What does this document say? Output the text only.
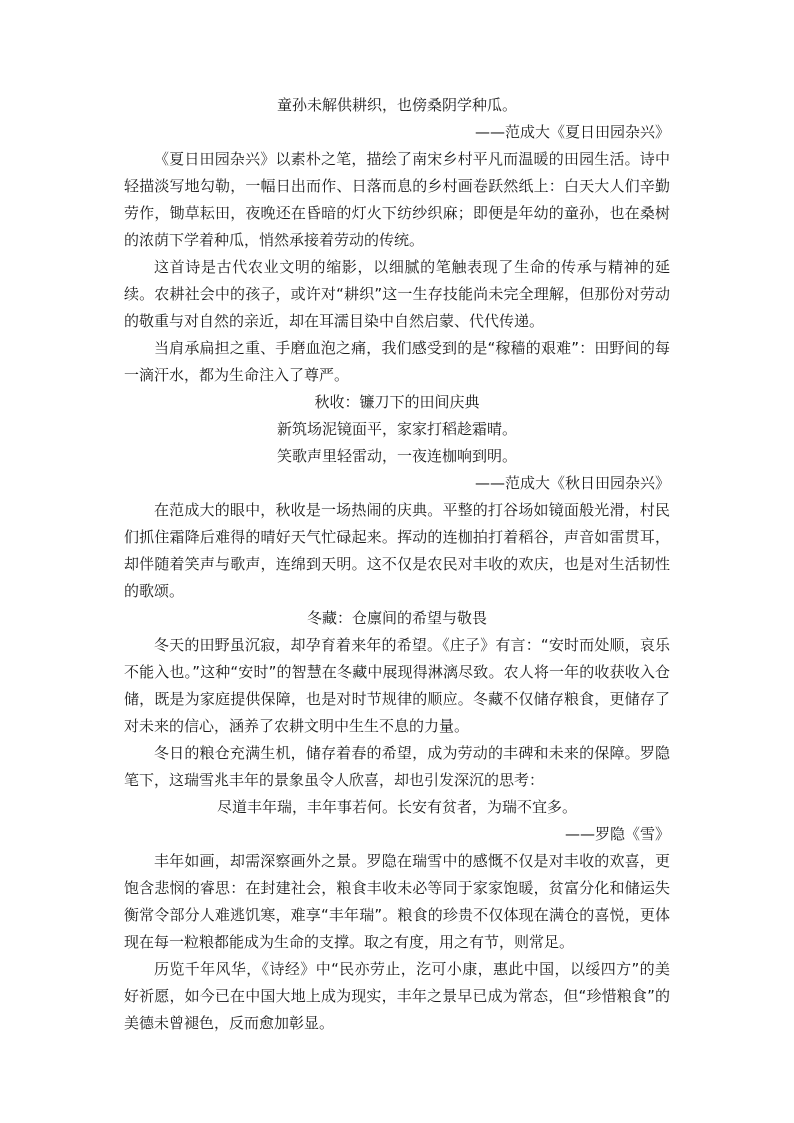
童孙未解供耕织，也傍桑阴学种瓜。
——范成大《夏日田园杂兴》

《夏日田园杂兴》以素朴之笔，描绘了南宋乡村平凡而温暖的田园生活。诗中轻描淡写地勾勒，一幅日出而作、日落而息的乡村画卷跃然纸上：白天大人们辛勤劳作，锄草耘田，夜晚还在昏暗的灯火下纺纱织麻；即便是年幼的童孙，也在桑树的浓荫下学着种瓜，悄然承接着劳动的传统。

这首诗是古代农业文明的缩影，以细腻的笔触表现了生命的传承与精神的延续。农耕社会中的孩子，或许对“耕织”这一生存技能尚未完全理解，但那份对劳动的敬重与对自然的亲近，却在耳濡目染中自然启蒙、代代传递。

当肩承扁担之重、手磨血泡之痛，我们感受到的是“稼穑的艰难”：田野间的每一滴汗水，都为生命注入了尊严。

秋收：镰刀下的田间庆典
新筑场泥镜面平，家家打稻趁霜晴。
笑歌声里轻雷动，一夜连枷响到明。
——范成大《秋日田园杂兴》

在范成大的眼中，秋收是一场热闹的庆典。平整的打谷场如镜面般光滑，村民们抓住霜降后难得的晴好天气忙碌起来。挥动的连枷拍打着稻谷，声音如雷贯耳，却伴随着笑声与歌声，连绵到天明。这不仅是农民对丰收的欢庆，也是对生活韧性的歌颂。

冬藏：仓廪间的希望与敬畏

冬天的田野虽沉寂，却孕育着来年的希望。《庄子》有言：“安时而处顺，哀乐不能入也。”这种“安时”的智慧在冬藏中展现得淋漓尽致。农人将一年的收获收入仓储，既是为家庭提供保障，也是对时节规律的顺应。冬藏不仅储存粮食，更储存了对未来的信心，涵养了农耕文明中生生不息的力量。

冬日的粮仓充满生机，储存着春的希望，成为劳动的丰碑和未来的保障。罗隐笔下，这瑞雪兆丰年的景象虽令人欣喜，却也引发深沉的思考：

尽道丰年瑞，丰年事若何。长安有贫者，为瑞不宜多。
——罗隐《雪》

丰年如画，却需深察画外之景。罗隐在瑞雪中的感慨不仅是对丰收的欢喜，更饱含悲悯的睿思：在封建社会，粮食丰收未必等同于家家饱暖，贫富分化和储运失衡常令部分人难逃饥寒，难享“丰年瑞”。粮食的珍贵不仅体现在满仓的喜悦，更体现在每一粒粮都能成为生命的支撑。取之有度，用之有节，则常足。

历览千年风华，《诗经》中“民亦劳止，汔可小康，惠此中国，以绥四方”的美好祈愿，如今已在中国大地上成为现实，丰年之景早已成为常态，但“珍惜粮食”的美德未曾褪色，反而愈加彰显。
